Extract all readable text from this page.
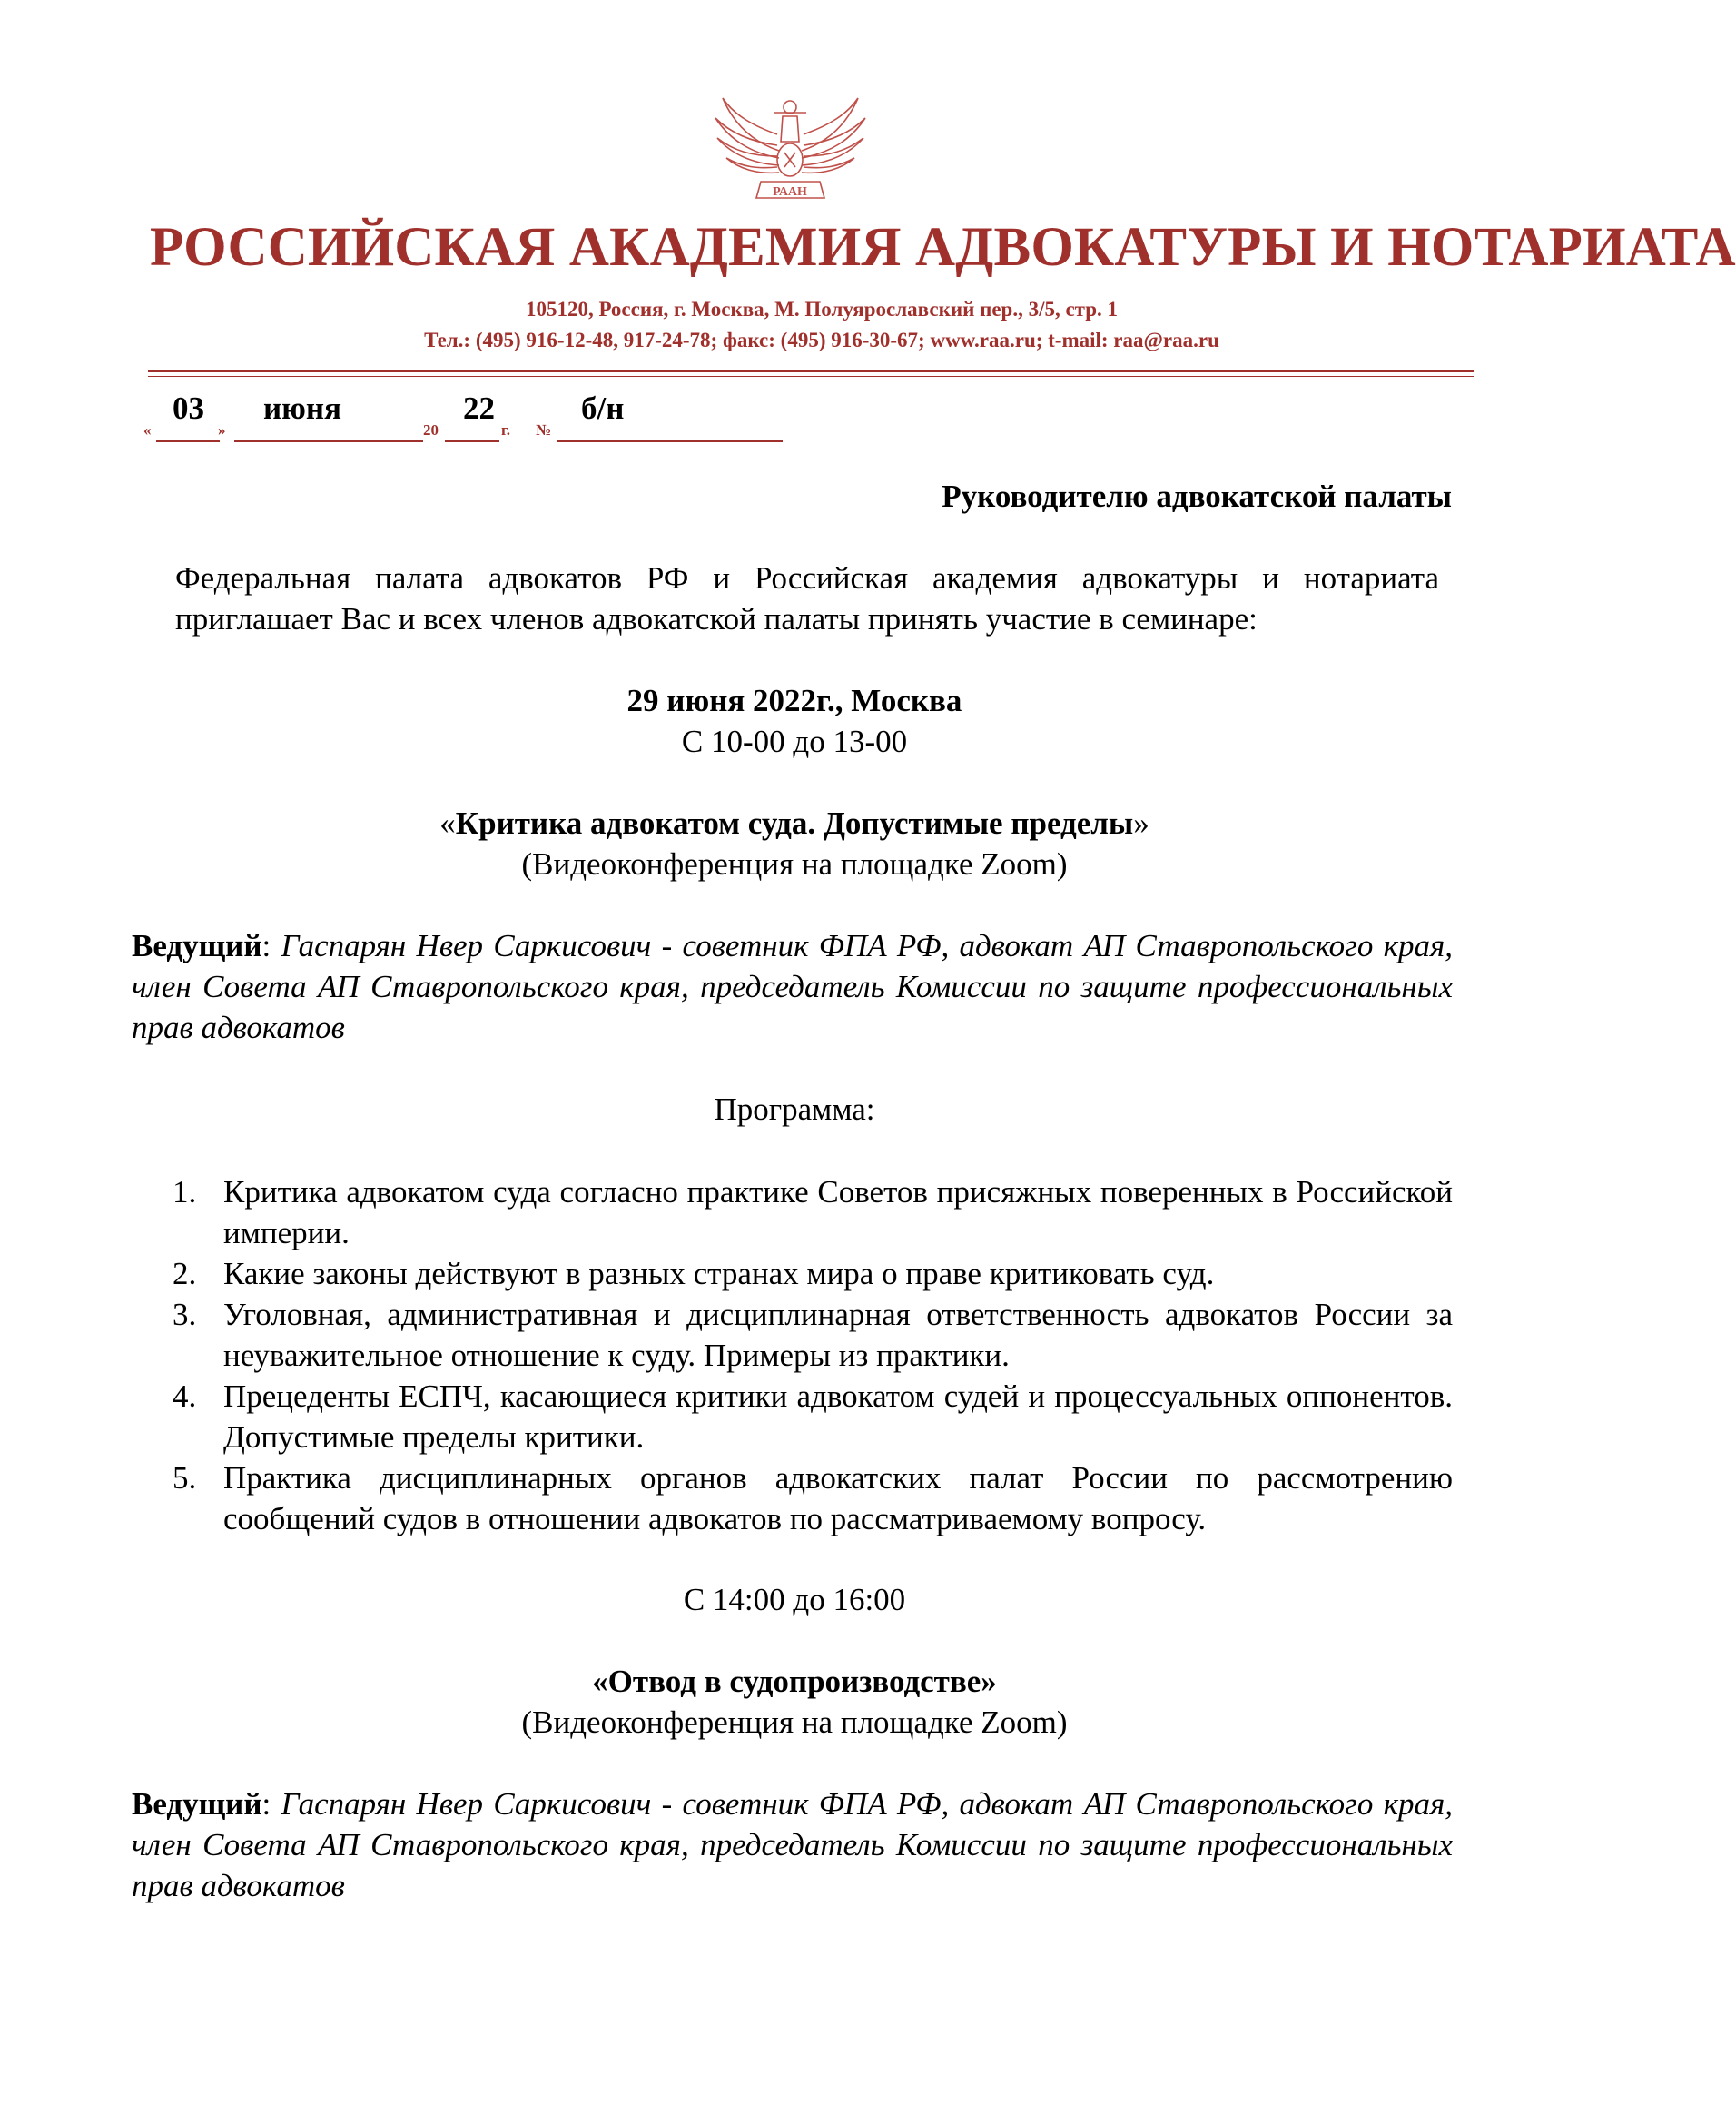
РААН
РОССИЙСКАЯ АКАДЕМИЯ АДВОКАТУРЫ И НОТАРИАТА

105120, Россия, г. Москва, М. Полуярославский пер., 3/5, стр. 1

Тел.: (495) 916-12-48, 917-24-78; факс: (495) 916-30-67; www.raa.ru; t-mail: raa@raa.ru

«
03
»
июня
20
22
г. №
б/н

Руководителю адвокатской палаты

Федеральная палата адвокатов РФ и Российская академия адвокатуры и нотариата приглашает Вас и всех членов адвокатской палаты принять участие в семинаре:

29 июня 2022г., Москва

С 10-00 до 13-00

«Критика адвокатом суда. Допустимые пределы»

(Видеоконференция на площадке Zoom)

Ведущий: Гаспарян Нвер Саркисович - советник ФПА РФ, адвокат АП Ставропольского края, член Совета АП Ставропольского края, председатель Комиссии по защите профессиональных прав адвокатов

Программа:

1. Критика адвокатом суда согласно практике Советов присяжных поверенных в Российской империи.
2. Какие законы действуют в разных странах мира о праве критиковать суд.
3. Уголовная, административная и дисциплинарная ответственность адвокатов России за неуважительное отношение к суду. Примеры из практики.
4. Прецеденты ЕСПЧ, касающиеся критики адвокатом судей и процессуальных оппонентов. Допустимые пределы критики.
5. Практика дисциплинарных органов адвокатских палат России по рассмотрению сообщений судов в отношении адвокатов по рассматриваемому вопросу.

С 14:00 до 16:00

«Отвод в судопроизводстве»

(Видеоконференция на площадке Zoom)

Ведущий: Гаспарян Нвер Саркисович - советник ФПА РФ, адвокат АП Ставропольского края, член Совета АП Ставропольского края, председатель Комиссии по защите профессиональных прав адвокатов
